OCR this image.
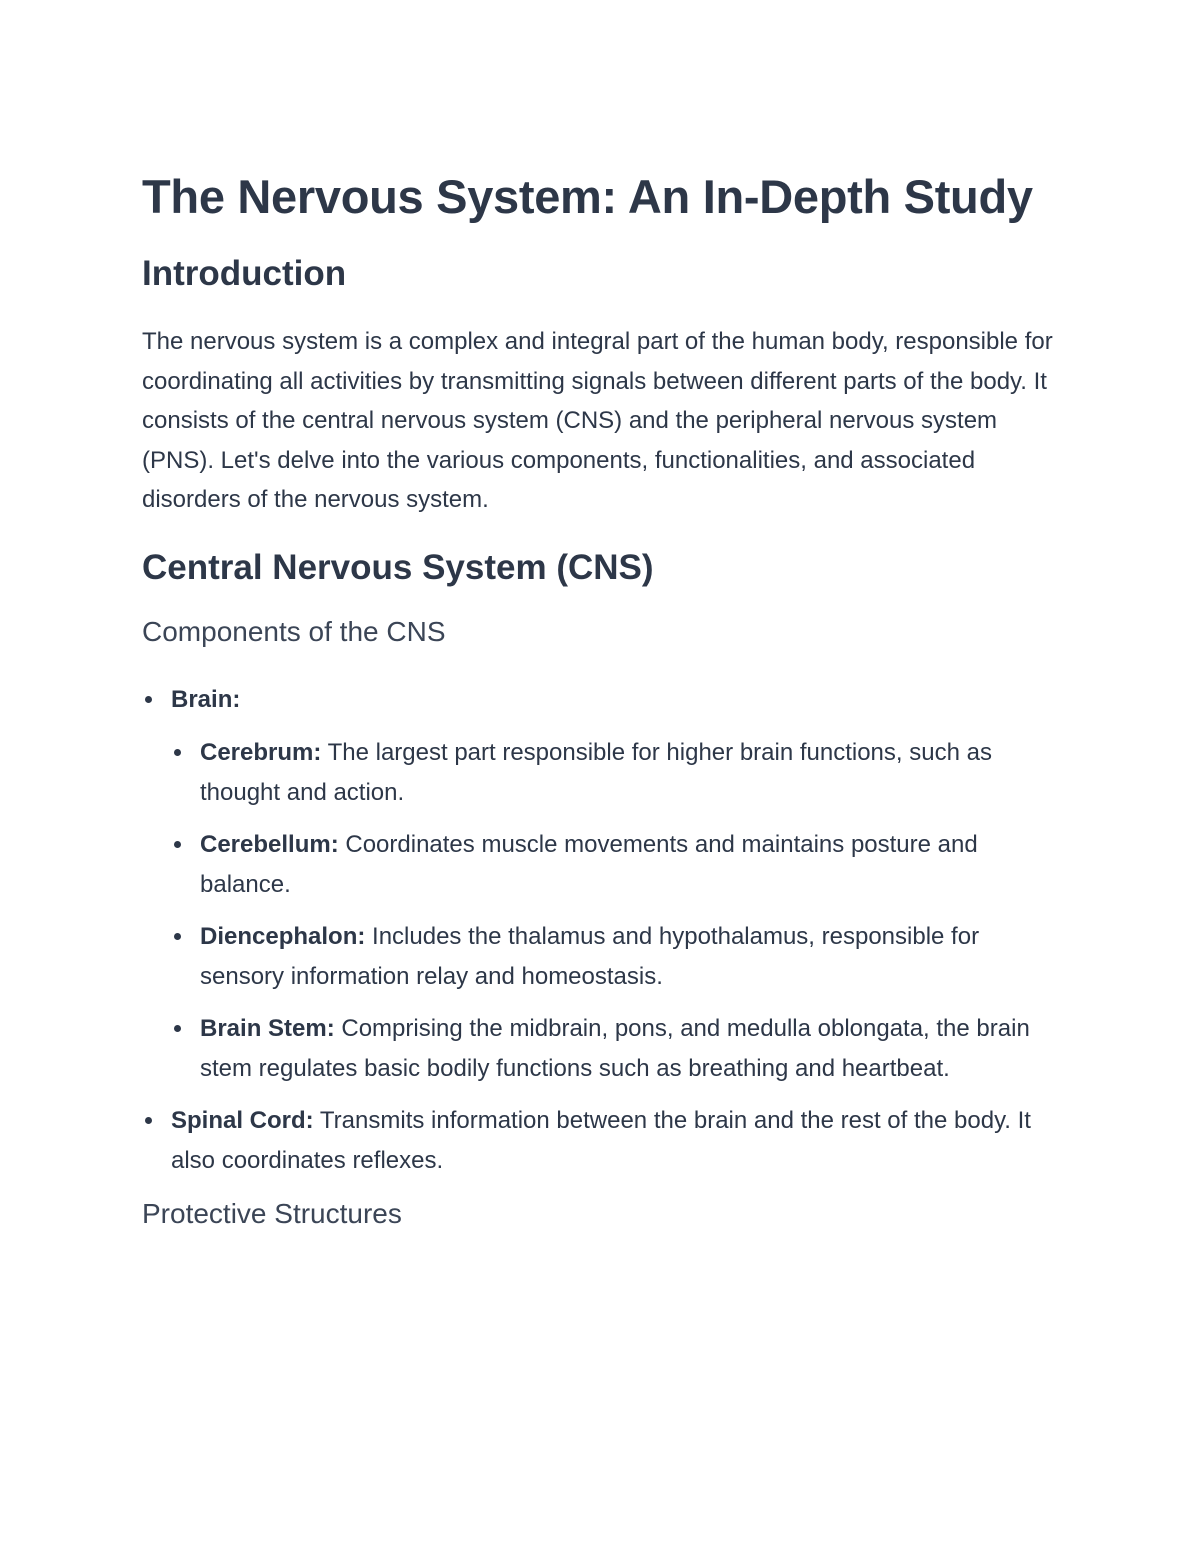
The Nervous System: An In-Depth Study
Introduction

The nervous system is a complex and integral part of the human body, responsible for coordinating all activities by transmitting signals between different parts of the body. It consists of the central nervous system (CNS) and the peripheral nervous system (PNS). Let's delve into the various components, functionalities, and associated disorders of the nervous system.

Central Nervous System (CNS)
Components of the CNS
Brain:
Cerebrum: The largest part responsible for higher brain functions, such as thought and action.
Cerebellum: Coordinates muscle movements and maintains posture and balance.
Diencephalon: Includes the thalamus and hypothalamus, responsible for sensory information relay and homeostasis.
Brain Stem: Comprising the midbrain, pons, and medulla oblongata, the brain stem regulates basic bodily functions such as breathing and heartbeat.
Spinal Cord: Transmits information between the brain and the rest of the body. It also coordinates reflexes.
Protective Structures
